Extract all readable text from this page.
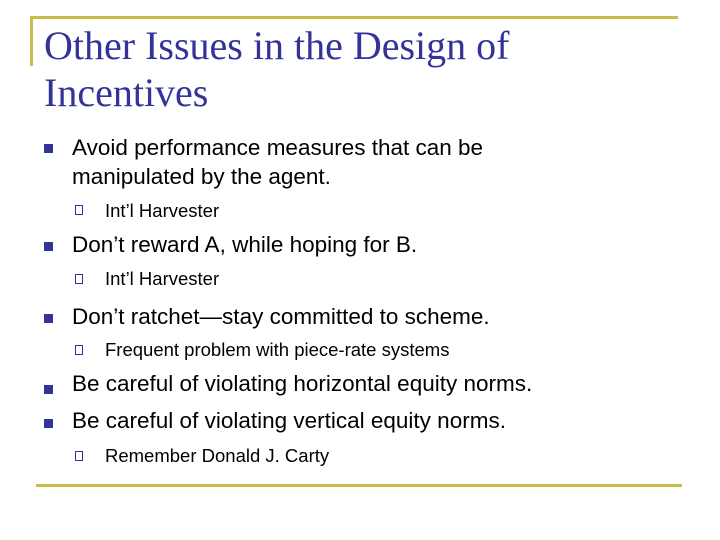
Other Issues in the Design of
Incentives
Avoid performance measures that can be
manipulated by the agent.
Int’l Harvester
Don’t reward A, while hoping for B.
Int’l Harvester
Don’t ratchet—stay committed to scheme.
Frequent problem with piece-rate systems
Be careful of violating horizontal equity norms.
Be careful of violating vertical equity norms.
Remember Donald J. Carty
